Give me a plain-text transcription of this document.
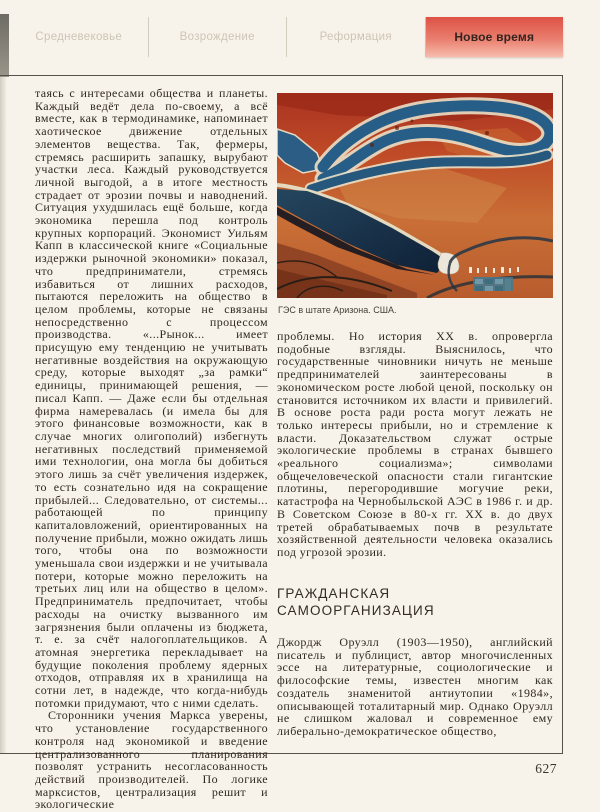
Средневековье	Возрождение	Реформация	Новое время

таясь с интересами общества и планеты. Каждый ведёт дела по-своему, а всё вместе, как в термодинамике, напоминает хаотическое движение отдельных элементов вещества. Так, фермеры, стремясь расширить запашку, вырубают участки леса. Каждый руководствуется личной выгодой, а в итоге местность страдает от эрозии почвы и наводнений. Ситуация ухудшилась ещё больше, когда экономика перешла под контроль крупных корпораций. Экономист Уильям Капп в классической книге «Социальные издержки рыночной экономики» показал, что предприниматели, стремясь избавиться от лишних расходов, пытаются переложить на общество в целом проблемы, которые не связаны непосредственно с процессом производства. «...Рынок... имеет присущую ему тенденцию не учитывать негативные воздействия на окружающую среду, которые выходят „за рамки“ единицы, принимающей решения, — писал Капп. — Даже если бы отдельная фирма намеревалась (и имела бы для этого финансовые возможности, как в случае многих олигополий) избегнуть негативных последствий применяемой ими технологии, она могла бы добиться этого лишь за счёт увеличения издержек, то есть сознательно идя на сокращение прибылей... Следовательно, от системы... работающей по принципу капиталовложений, ориентированных на получение прибыли, можно ожидать лишь того, чтобы она по возможности уменьшала свои издержки и не учитывала потери, которые можно переложить на третьих лиц или на общество в целом». Предприниматель предпочитает, чтобы расходы на очистку вызванного им загрязнения были оплачены из бюджета, т. е. за счёт налогоплательщиков. А атомная энергетика перекладывает на будущие поколения проблему ядерных отходов, отправляя их в хранилища на сотни лет, в надежде, что когда-нибудь потомки придумают, что с ними сделать.

Сторонники учения Маркса уверены, что установление государственного контроля над экономикой и введение централизованного планирования позволят устранить несогласованность действий производителей. По логике марксистов, централизация решит и экологические

ГЭС в штате Аризона. США.

проблемы. Но история XX в. опровергла подобные взгляды. Выяснилось, что государственные чиновники ничуть не меньше предпринимателей заинтересованы в экономическом росте любой ценой, поскольку он становится источником их власти и привилегий. В основе роста ради роста могут лежать не только интересы прибыли, но и стремление к власти. Доказательством служат острые экологические проблемы в странах бывшего «реального социализма»; символами общечеловеческой опасности стали гигантские плотины, перегородившие могучие реки, катастрофа на Чернобыльской АЭС в 1986 г. и др. В Советском Союзе в 80-х гг. XX в. до двух третей обрабатываемых почв в результате хозяйственной деятельности человека оказались под угрозой эрозии.

ГРАЖДАНСКАЯ САМООРГАНИЗАЦИЯ

Джордж Оруэлл (1903—1950), английский писатель и публицист, автор многочисленных эссе на литературные, социологические и философские темы, известен многим как создатель знаменитой антиутопии «1984», описывающей тоталитарный мир. Однако Оруэлл не слишком жаловал и современное ему либерально-демократическое общество,

627
